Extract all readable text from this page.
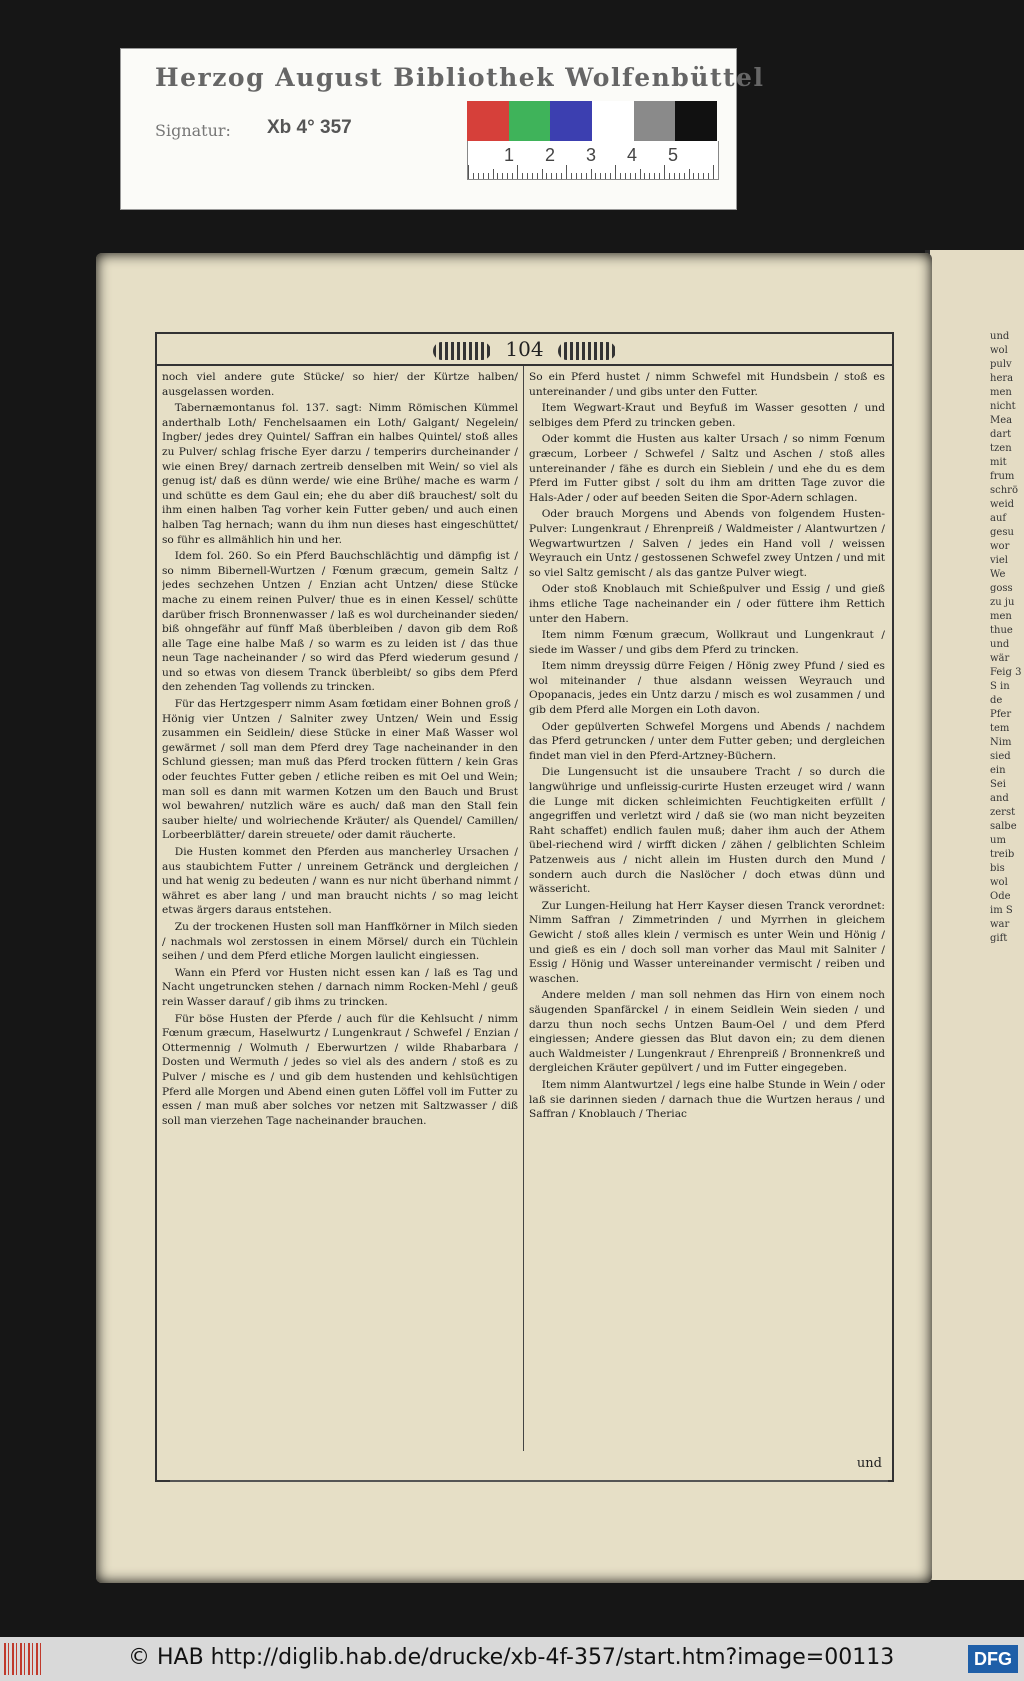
und wol pulv hera men nicht Mea dart tzen mit frum schrö weid auf gesu wor viel We goss zu ju men thue und wär Feig 3 S in de Pfer tem Nim sied ein Sei and zerst salbe um treib bis wol Ode im S war gift
Herzog August Bibliothek Wolfenbüttel
Signatur: Xb 4° 357
1 2 3 4 5
104

noch viel andere gute Stücke/ so hier/ der Kürtze halben/ ausgelassen worden.

Tabernæmontanus fol. 137. sagt: Nimm Römischen Kümmel anderthalb Loth/ Fenchelsaamen ein Loth/ Galgant/ Negelein/ Ingber/ jedes drey Quintel/ Saffran ein halbes Quintel/ stoß alles zu Pulver/ schlag frische Eyer darzu / temperirs durcheinander / wie einen Brey/ darnach zertreib denselben mit Wein/ so viel als genug ist/ daß es dünn werde/ wie eine Brühe/ mache es warm / und schütte es dem Gaul ein; ehe du aber diß brauchest/ solt du ihm einen halben Tag vorher kein Futter geben/ und auch einen halben Tag hernach; wann du ihm nun dieses hast eingeschüttet/ so führ es allmählich hin und her.

Idem fol. 260. So ein Pferd Bauchschlächtig und dämpfig ist / so nimm Bibernell-Wurtzen / Fœnum græcum, gemein Saltz / jedes sechzehen Untzen / Enzian acht Untzen/ diese Stücke mache zu einem reinen Pulver/ thue es in einen Kessel/ schütte darüber frisch Bronnenwasser / laß es wol durcheinander sieden/ biß ohngefähr auf fünff Maß überbleiben / davon gib dem Roß alle Tage eine halbe Maß / so warm es zu leiden ist / das thue neun Tage nacheinander / so wird das Pferd wiederum gesund / und so etwas von diesem Tranck überbleibt/ so gibs dem Pferd den zehenden Tag vollends zu trincken.

Für das Hertzgesperr nimm Asam fœtidam einer Bohnen groß / Hönig vier Untzen / Salniter zwey Untzen/ Wein und Essig zusammen ein Seidlein/ diese Stücke in einer Maß Wasser wol gewärmet / soll man dem Pferd drey Tage nacheinander in den Schlund giessen; man muß das Pferd trocken füttern / kein Gras oder feuchtes Futter geben / etliche reiben es mit Oel und Wein; man soll es dann mit warmen Kotzen um den Bauch und Brust wol bewahren/ nutzlich wäre es auch/ daß man den Stall fein sauber hielte/ und wolriechende Kräuter/ als Quendel/ Camillen/ Lorbeerblätter/ darein streuete/ oder damit räucherte.

Die Husten kommet den Pferden aus mancherley Ursachen / aus staubichtem Futter / unreinem Getränck und dergleichen / und hat wenig zu bedeuten / wann es nur nicht überhand nimmt / währet es aber lang / und man braucht nichts / so mag leicht etwas ärgers daraus entstehen.

Zu der trockenen Husten soll man Hanffkörner in Milch sieden / nachmals wol zerstossen in einem Mörsel/ durch ein Tüchlein seihen / und dem Pferd etliche Morgen laulicht eingiessen.

Wann ein Pferd vor Husten nicht essen kan / laß es Tag und Nacht ungetruncken stehen / darnach nimm Rocken-Mehl / geuß rein Wasser darauf / gib ihms zu trincken.

Für böse Husten der Pferde / auch für die Kehlsucht / nimm Fœnum græcum, Haselwurtz / Lungenkraut / Schwefel / Enzian / Ottermennig / Wolmuth / Eberwurtzen / wilde Rhabarbara / Dosten und Wermuth / jedes so viel als des andern / stoß es zu Pulver / mische es / und gib dem hustenden und kehlsüchtigen Pferd alle Morgen und Abend einen guten Löffel voll im Futter zu essen / man muß aber solches vor netzen mit Saltzwasser / diß soll man vierzehen Tage nacheinander brauchen.

So ein Pferd hustet / nimm Schwefel mit Hundsbein / stoß es untereinander / und gibs unter den Futter.

Item Wegwart-Kraut und Beyfuß im Wasser gesotten / und selbiges dem Pferd zu trincken geben.

Oder kommt die Husten aus kalter Ursach / so nimm Fœnum græcum, Lorbeer / Schwefel / Saltz und Aschen / stoß alles untereinander / fähe es durch ein Sieblein / und ehe du es dem Pferd im Futter gibst / solt du ihm am dritten Tage zuvor die Hals-Ader / oder auf beeden Seiten die Spor-Adern schlagen.

Oder brauch Morgens und Abends von folgendem Husten-Pulver: Lungenkraut / Ehrenpreiß / Waldmeister / Alantwurtzen / Wegwartwurtzen / Salven / jedes ein Hand voll / weissen Weyrauch ein Untz / gestossenen Schwefel zwey Untzen / und mit so viel Saltz gemischt / als das gantze Pulver wiegt.

Oder stoß Knoblauch mit Schießpulver und Essig / und gieß ihms etliche Tage nacheinander ein / oder füttere ihm Rettich unter den Habern.

Item nimm Fœnum græcum, Wollkraut und Lungenkraut / siede im Wasser / und gibs dem Pferd zu trincken.

Item nimm dreyssig dürre Feigen / Hönig zwey Pfund / sied es wol miteinander / thue alsdann weissen Weyrauch und Opopanacis, jedes ein Untz darzu / misch es wol zusammen / und gib dem Pferd alle Morgen ein Loth davon.

Oder gepülverten Schwefel Morgens und Abends / nachdem das Pferd getruncken / unter dem Futter geben; und dergleichen findet man viel in den Pferd-Artzney-Büchern.

Die Lungensucht ist die unsaubere Tracht / so durch die langwührige und unfleissig-curirte Husten erzeuget wird / wann die Lunge mit dicken schleimichten Feuchtigkeiten erfüllt / angegriffen und verletzt wird / daß sie (wo man nicht beyzeiten Raht schaffet) endlich faulen muß; daher ihm auch der Athem übel-riechend wird / wirfft dicken / zähen / gelblichten Schleim Patzenweis aus / nicht allein im Husten durch den Mund / sondern auch durch die Naslöcher / doch etwas dünn und wässericht.

Zur Lungen-Heilung hat Herr Kayser diesen Tranck verordnet: Nimm Saffran / Zimmetrinden / und Myrrhen in gleichem Gewicht / stoß alles klein / vermisch es unter Wein und Hönig / und gieß es ein / doch soll man vorher das Maul mit Salniter / Essig / Hönig und Wasser untereinander vermischt / reiben und waschen.

Andere melden / man soll nehmen das Hirn von einem noch säugenden Spanfärckel / in einem Seidlein Wein sieden / und darzu thun noch sechs Untzen Baum-Oel / und dem Pferd eingiessen; Andere giessen das Blut davon ein; zu dem dienen auch Waldmeister / Lungenkraut / Ehrenpreiß / Bronnenkreß und dergleichen Kräuter gepülvert / und im Futter eingegeben.

Item nimm Alantwurtzel / legs eine halbe Stunde in Wein / oder laß sie darinnen sieden / darnach thue die Wurtzen heraus / und Saffran / Knoblauch / Theriac

und
© HAB http://diglib.hab.de/drucke/xb-4f-357/start.htm?image=00113	DFG
